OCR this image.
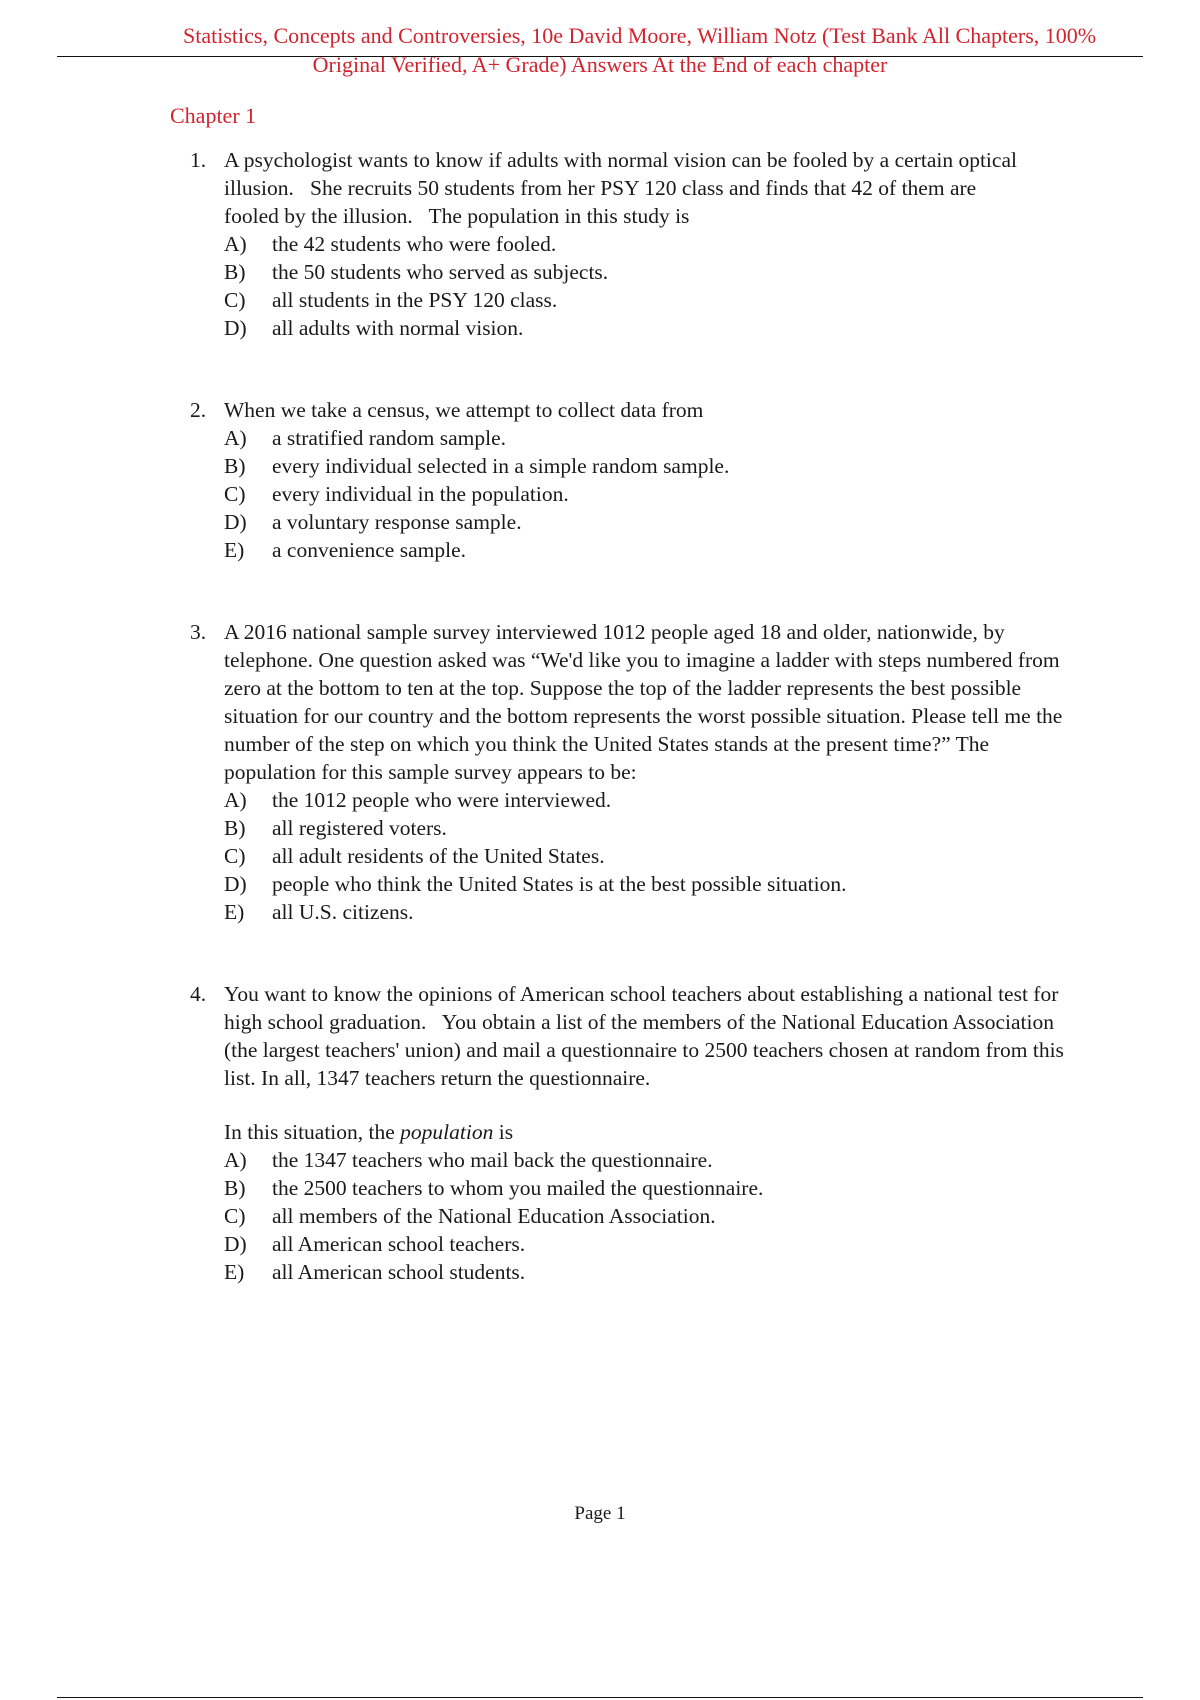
Statistics, Concepts and Controversies, 10e David Moore, William Notz (Test Bank All Chapters, 100%
Original Verified, A+ Grade) Answers At the End of each chapter
Chapter 1
1. A psychologist wants to know if adults with normal vision can be fooled by a certain optical illusion.   She recruits 50 students from her PSY 120 class and finds that 42 of them are fooled by the illusion.   The population in this study is
A) the 42 students who were fooled.
B) the 50 students who served as subjects.
C) all students in the PSY 120 class.
D) all adults with normal vision.
2. When we take a census, we attempt to collect data from
A) a stratified random sample.
B) every individual selected in a simple random sample.
C) every individual in the population.
D) a voluntary response sample.
E) a convenience sample.
3. A 2016 national sample survey interviewed 1012 people aged 18 and older, nationwide, by telephone. One question asked was “We'd like you to imagine a ladder with steps numbered from zero at the bottom to ten at the top. Suppose the top of the ladder represents the best possible situation for our country and the bottom represents the worst possible situation. Please tell me the number of the step on which you think the United States stands at the present time?” The population for this sample survey appears to be:
A) the 1012 people who were interviewed.
B) all registered voters.
C) all adult residents of the United States.
D) people who think the United States is at the best possible situation.
E) all U.S. citizens.
4. You want to know the opinions of American school teachers about establishing a national test for high school graduation.   You obtain a list of the members of the National Education Association (the largest teachers' union) and mail a questionnaire to 2500 teachers chosen at random from this list. In all, 1347 teachers return the questionnaire.
In this situation, the population is
A) the 1347 teachers who mail back the questionnaire.
B) the 2500 teachers to whom you mailed the questionnaire.
C) all members of the National Education Association.
D) all American school teachers.
E) all American school students.
Page 1
